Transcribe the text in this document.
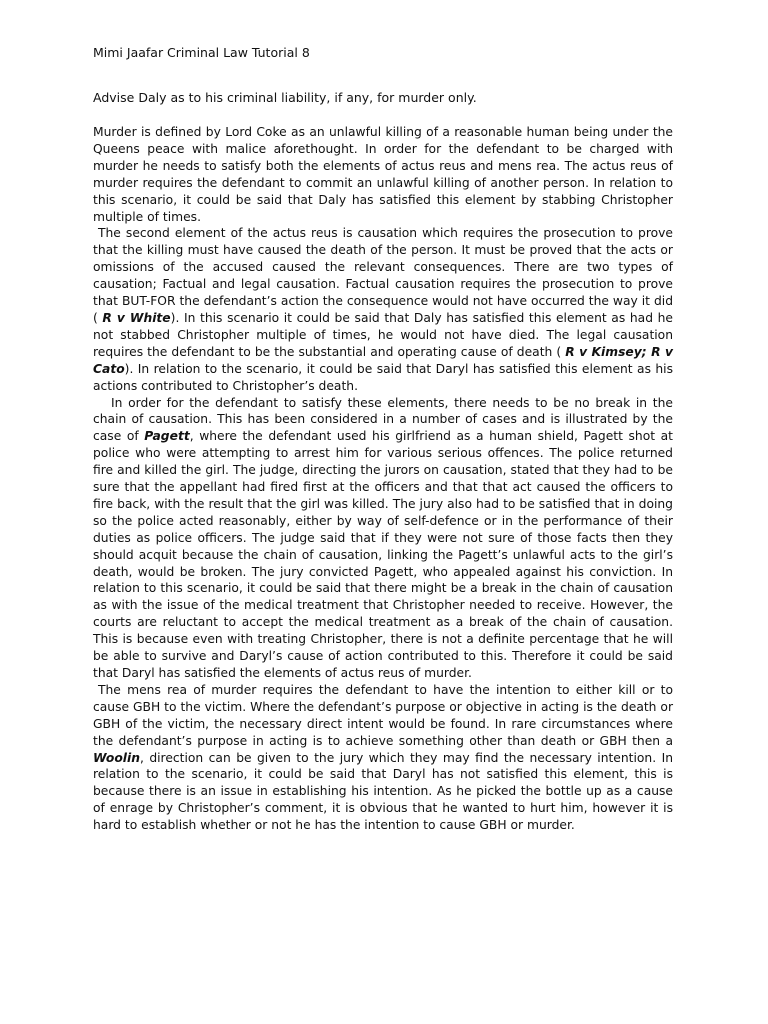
Mimi Jaafar Criminal Law Tutorial 8
Advise Daly as to his criminal liability, if any, for murder only.

Murder is defined by Lord Coke as an unlawful killing of a reasonable human being under the Queens peace with malice aforethought. In order for the defendant to be charged with murder he needs to satisfy both the elements of actus reus and mens rea. The actus reus of murder requires the defendant to commit an unlawful killing of another person. In relation to this scenario, it could be said that Daly has satisfied this element by stabbing Christopher multiple of times.

The second element of the actus reus is causation which requires the prosecution to prove that the killing must have caused the death of the person. It must be proved that the acts or omissions of the accused caused the relevant consequences. There are two types of causation; Factual and legal causation. Factual causation requires the prosecution to prove that BUT-FOR the defendant’s action the consequence would not have occurred the way it did ( R v White). In this scenario it could be said that Daly has satisfied this element as had he not stabbed Christopher multiple of times, he would not have died. The legal causation requires the defendant to be the substantial and operating cause of death ( R v Kimsey; R v Cato). In relation to the scenario, it could be said that Daryl has satisfied this element as his actions contributed to Christopher’s death.

In order for the defendant to satisfy these elements, there needs to be no break in the chain of causation. This has been considered in a number of cases and is illustrated by the case of Pagett, where the defendant used his girlfriend as a human shield, Pagett shot at police who were attempting to arrest him for various serious offences. The police returned fire and killed the girl. The judge, directing the jurors on causation, stated that they had to be sure that the appellant had fired first at the officers and that that act caused the officers to fire back, with the result that the girl was killed. The jury also had to be satisfied that in doing so the police acted reasonably, either by way of self-defence or in the performance of their duties as police officers. The judge said that if they were not sure of those facts then they should acquit because the chain of causation, linking the Pagett’s unlawful acts to the girl’s death, would be broken. The jury convicted Pagett, who appealed against his conviction. In relation to this scenario, it could be said that there might be a break in the chain of causation as with the issue of the medical treatment that Christopher needed to receive. However, the courts are reluctant to accept the medical treatment as a break of the chain of causation. This is because even with treating Christopher, there is not a definite percentage that he will be able to survive and Daryl’s cause of action contributed to this. Therefore it could be said that Daryl has satisfied the elements of actus reus of murder.

The mens rea of murder requires the defendant to have the intention to either kill or to cause GBH to the victim. Where the defendant’s purpose or objective in acting is the death or GBH of the victim, the necessary direct intent would be found. In rare circumstances where the defendant’s purpose in acting is to achieve something other than death or GBH then a Woolin, direction can be given to the jury which they may find the necessary intention. In relation to the scenario, it could be said that Daryl has not satisfied this element, this is because there is an issue in establishing his intention. As he picked the bottle up as a cause of enrage by Christopher’s comment, it is obvious that he wanted to hurt him, however it is hard to establish whether or not he has the intention to cause GBH or murder.
